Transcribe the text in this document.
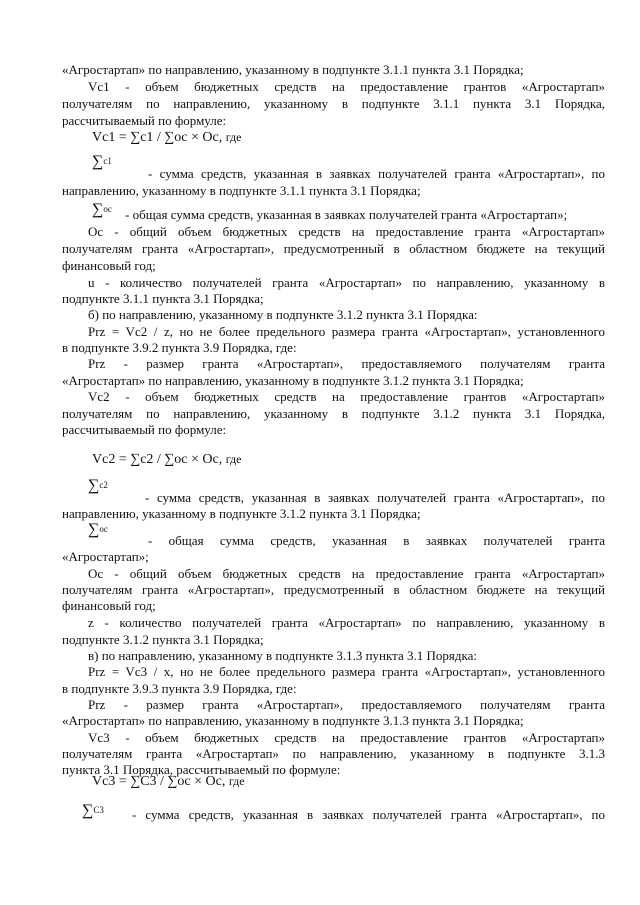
«Агростартап» по направлению, указанному в подпункте 3.1.1 пункта 3.1 Порядка;
Vc1 - объем бюджетных средств на предоставление грантов «Агростартап»
получателям по направлению, указанному в подпункте 3.1.1 пункта 3.1 Порядка,
рассчитываемый по формуле:
Vc1 = ∑c1 / ∑oc × Oc, где
$\sum_{c1}$
- сумма средств, указанная в заявках получателей гранта «Агростартап», по
направлению, указанному в подпункте 3.1.1 пункта 3.1 Порядка;
$\sum_{oc}$ - общая сумма средств, указанная в заявках получателей гранта «Агростартап»;
Ос - общий объем бюджетных средств на предоставление гранта «Агростартап»
получателям гранта «Агростартап», предусмотренный в областном бюджете на текущий
финансовый год;
u - количество получателей гранта «Агростартап» по направлению, указанному в
подпункте 3.1.1 пункта 3.1 Порядка;
б) по направлению, указанному в подпункте 3.1.2 пункта 3.1 Порядка:
Prz = Vc2 / z, но не более предельного размера гранта «Агростартап», установленного
в подпункте 3.9.2 пункта 3.9 Порядка, где:
Prz - размер гранта «Агростартап», предоставляемого получателям гранта
«Агростартап» по направлению, указанному в подпункте 3.1.2 пункта 3.1 Порядка;
Vc2 - объем бюджетных средств на предоставление грантов «Агростартап»
получателям по направлению, указанному в подпункте 3.1.2 пункта 3.1 Порядка,
рассчитываемый по формуле:
Vc2 = ∑c2 / ∑oc × Oc, где
$\sum_{c2}$
- сумма средств, указанная в заявках получателей гранта «Агростартап», по
направлению, указанному в подпункте 3.1.2 пункта 3.1 Порядка;
$\sum_{oc}$
- общая сумма средств, указанная в заявках получателей гранта
«Агростартап»;
Ос - общий объем бюджетных средств на предоставление гранта «Агростартап»
получателям гранта «Агростартап», предусмотренный в областном бюджете на текущий
финансовый год;
z - количество получателей гранта «Агростартап» по направлению, указанному в
подпункте 3.1.2 пункта 3.1 Порядка;
в) по направлению, указанному в подпункте 3.1.3 пункта 3.1 Порядка:
Prz = Vc3 / x, но не более предельного размера гранта «Агростартап», установленного
в подпункте 3.9.3 пункта 3.9 Порядка, где:
Prz - размер гранта «Агростартап», предоставляемого получателям гранта
«Агростартап» по направлению, указанному в подпункте 3.1.3 пункта 3.1 Порядка;
Vc3 - объем бюджетных средств на предоставление грантов «Агростартап»
получателям гранта «Агростартап» по направлению, указанному в подпункте 3.1.3
пункта 3.1 Порядка, рассчитываемый по формуле:
Vc3 = ∑C3 / ∑oc × Oc, где
$\sum_{C3}$ - сумма средств, указанная в заявках получателей гранта «Агростартап», по
